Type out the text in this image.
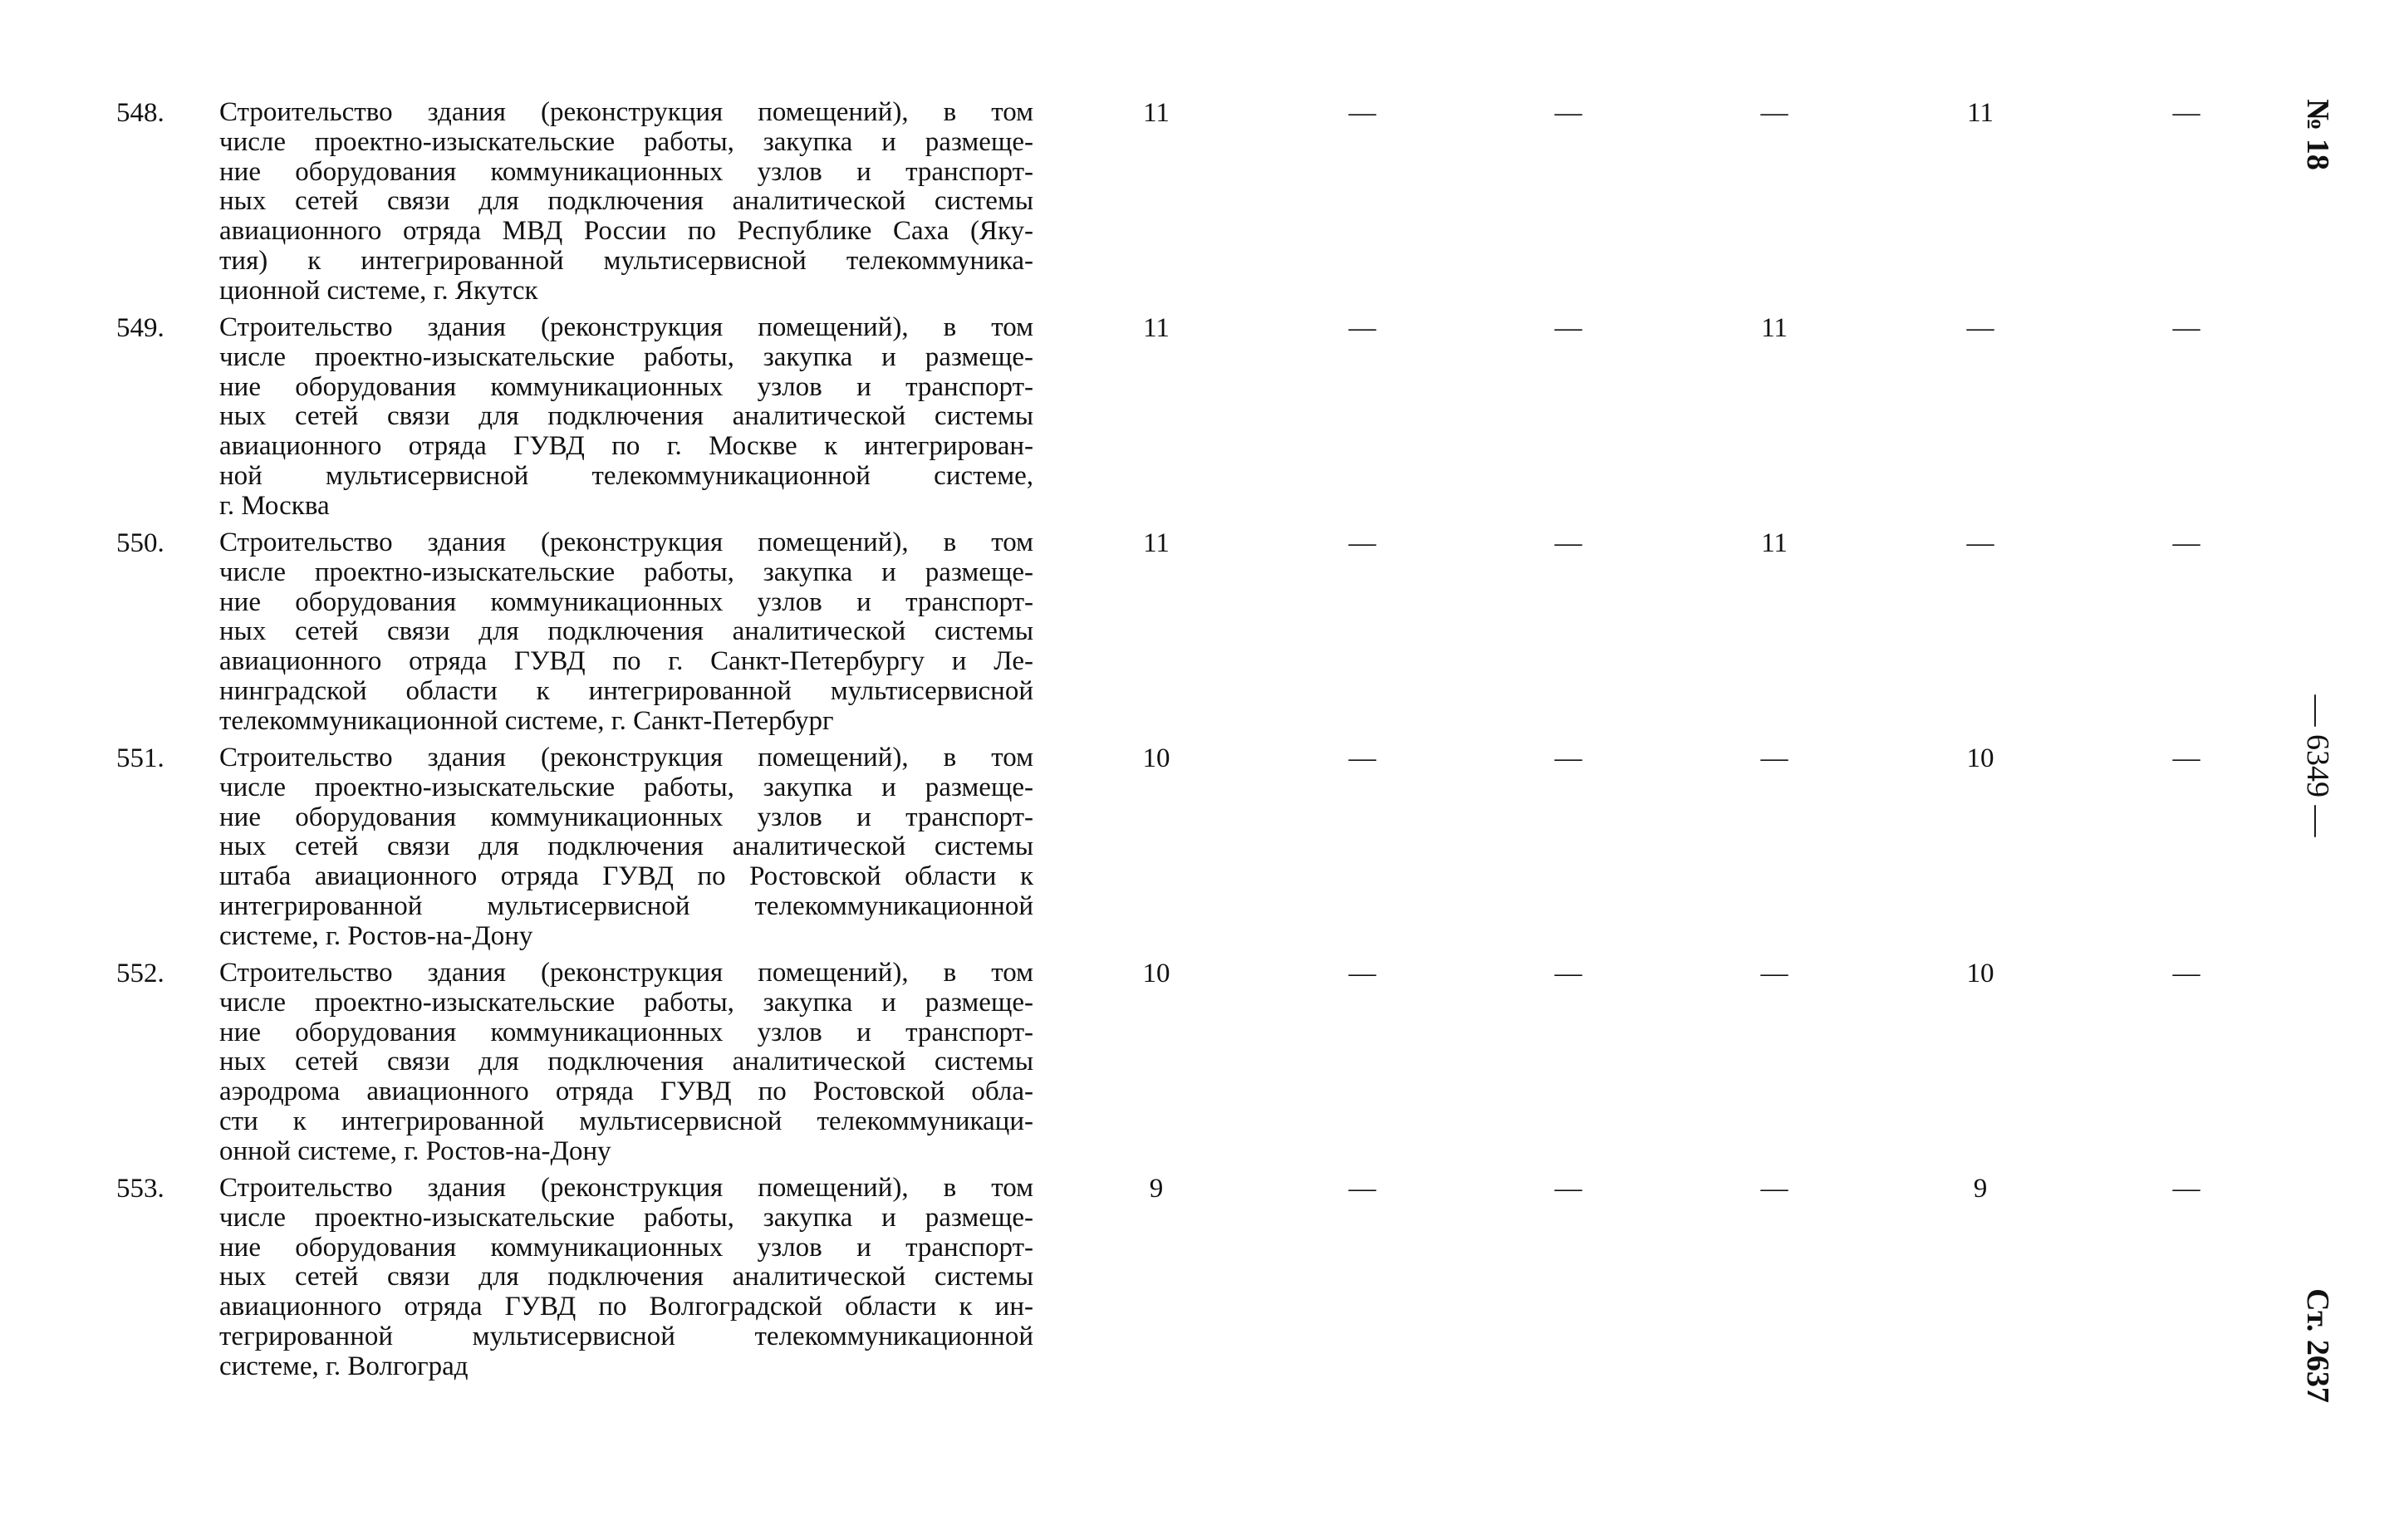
№ 18
— 6349 —
Ст. 2637
548. Строительство здания (реконструкция помещений), в том
числе проектно-изыскательские работы, закупка и размеще-
ние оборудования коммуникационных узлов и транспорт-
ных сетей связи для подключения аналитической системы
авиационного отряда МВД России по Республике Саха (Яку-
тия) к интегрированной мультисервисной телекоммуника-
ционной системе, г. Якутск
11	—	—	—	11	—
549. Строительство здания (реконструкция помещений), в том
числе проектно-изыскательские работы, закупка и размеще-
ние оборудования коммуникационных узлов и транспорт-
ных сетей связи для подключения аналитической системы
авиационного отряда ГУВД по г. Москве к интегрирован-
ной мультисервисной телекоммуникационной системе,
г. Москва
11	—	—	11	—	—
550. Строительство здания (реконструкция помещений), в том
числе проектно-изыскательские работы, закупка и размеще-
ние оборудования коммуникационных узлов и транспорт-
ных сетей связи для подключения аналитической системы
авиационного отряда ГУВД по г. Санкт-Петербургу и Ле-
нинградской области к интегрированной мультисервисной
телекоммуникационной системе, г. Санкт-Петербург
11	—	—	11	—	—
551. Строительство здания (реконструкция помещений), в том
числе проектно-изыскательские работы, закупка и размеще-
ние оборудования коммуникационных узлов и транспорт-
ных сетей связи для подключения аналитической системы
штаба авиационного отряда ГУВД по Ростовской области к
интегрированной мультисервисной телекоммуникационной
системе, г. Ростов-на-Дону
10	—	—	—	10	—
552. Строительство здания (реконструкция помещений), в том
числе проектно-изыскательские работы, закупка и размеще-
ние оборудования коммуникационных узлов и транспорт-
ных сетей связи для подключения аналитической системы
аэродрома авиационного отряда ГУВД по Ростовской обла-
сти к интегрированной мультисервисной телекоммуникаци-
онной системе, г. Ростов-на-Дону
10	—	—	—	10	—
553. Строительство здания (реконструкция помещений), в том
числе проектно-изыскательские работы, закупка и размеще-
ние оборудования коммуникационных узлов и транспорт-
ных сетей связи для подключения аналитической системы
авиационного отряда ГУВД по Волгоградской области к ин-
тегрированной мультисервисной телекоммуникационной
системе, г. Волгоград
9	—	—	—	9	—
